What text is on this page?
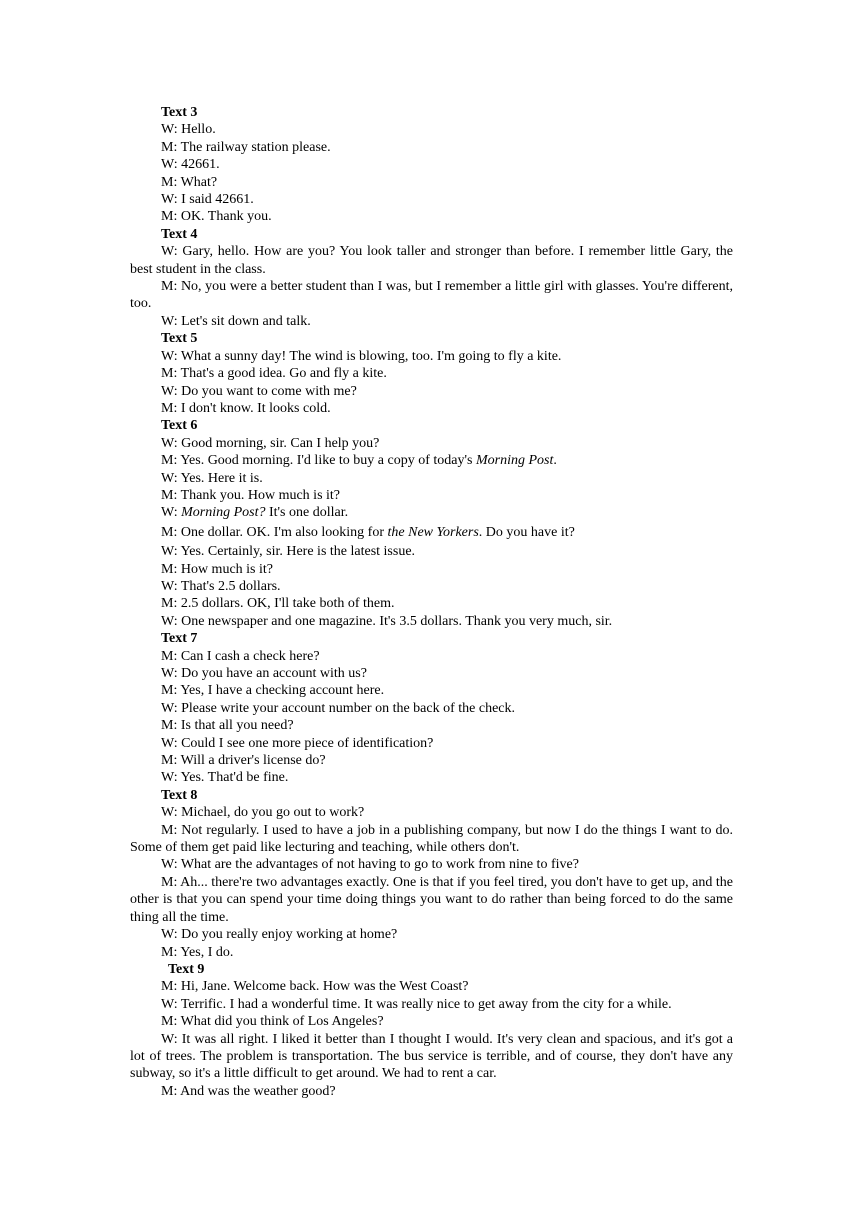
Text 3

W: Hello.

M: The railway station please.

W: 42661.

M: What?

W: I said 42661.

M: OK. Thank you.

Text 4

W: Gary, hello. How are you? You look taller and stronger than before. I remember little Gary, the best student in the class.

M: No, you were a better student than I was, but I remember a little girl with glasses. You're different, too.

W: Let's sit down and talk.

Text 5

W: What a sunny day! The wind is blowing, too. I'm going to fly a kite.

M: That's a good idea. Go and fly a kite.

W: Do you want to come with me?

M: I don't know. It looks cold.

Text 6

W: Good morning, sir. Can I help you?

M: Yes. Good morning. I'd like to buy a copy of today's Morning Post.

W: Yes. Here it is.

M: Thank you. How much is it?

W: Morning Post? It's one dollar.

M: One dollar. OK. I'm also looking for the New Yorkers. Do you have it?

W: Yes. Certainly, sir. Here is the latest issue.

M: How much is it?

W: That's 2.5 dollars.

M: 2.5 dollars. OK, I'll take both of them.

W: One newspaper and one magazine. It's 3.5 dollars. Thank you very much, sir.

Text 7

M: Can I cash a check here?

W: Do you have an account with us?

M: Yes, I have a checking account here.

W: Please write your account number on the back of the check.

M: Is that all you need?

W: Could I see one more piece of identification?

M: Will a driver's license do?

W: Yes. That'd be fine.

Text 8

W: Michael, do you go out to work?

M: Not regularly. I used to have a job in a publishing company, but now I do the things I want to do. Some of them get paid like lecturing and teaching, while others don't.

W: What are the advantages of not having to go to work from nine to five?

M: Ah... there're two advantages exactly. One is that if you feel tired, you don't have to get up, and the other is that you can spend your time doing things you want to do rather than being forced to do the same thing all the time.

W: Do you really enjoy working at home?

M: Yes, I do.

Text 9

M: Hi, Jane. Welcome back. How was the West Coast?

W: Terrific. I had a wonderful time. It was really nice to get away from the city for a while.

M: What did you think of Los Angeles?

W: It was all right. I liked it better than I thought I would. It's very clean and spacious, and it's got a lot of trees. The problem is transportation. The bus service is terrible, and of course, they don't have any subway, so it's a little difficult to get around. We had to rent a car.

M: And was the weather good?
